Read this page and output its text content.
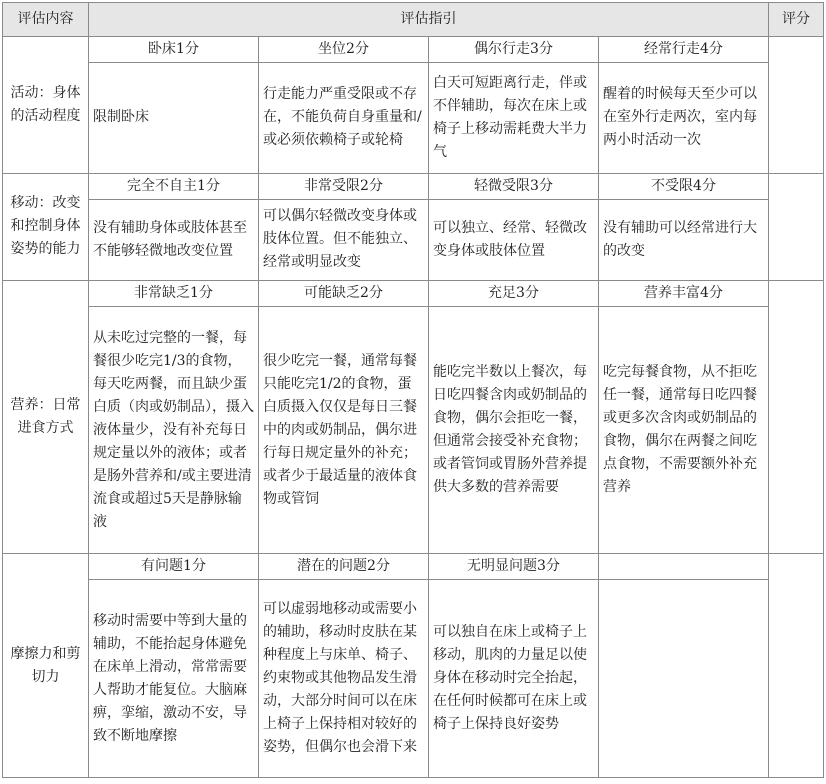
评估内容	评估指引				评分
活动：身体的活动程度	卧床1分	坐位2分	偶尔行走3分	经常行走4分	
	限制卧床	行走能力严重受限或不存在，不能负荷自身重量和/或必须依赖椅子或轮椅	白天可短距离行走，伴或不伴辅助，每次在床上或椅子上移动需耗费大半力气	醒着的时候每天至少可以在室外行走两次，室内每两小时活动一次	
移动：改变和控制身体姿势的能力	完全不自主1分	非常受限2分	轻微受限3分	不受限4分	
	没有辅助身体或肢体甚至不能够轻微地改变位置	可以偶尔轻微改变身体或肢体位置。但不能独立、经常或明显改变	可以独立、经常、轻微改变身体或肢体位置	没有辅助可以经常进行大的改变	
营养：日常进食方式	非常缺乏1分	可能缺乏2分	充足3分	营养丰富4分	
	从未吃过完整的一餐，每餐很少吃完1/3的食物，每天吃两餐，而且缺少蛋白质（肉或奶制品），摄入液体量少，没有补充每日规定量以外的液体；或者是肠外营养和/或主要进清流食或超过5天是静脉输液	很少吃完一餐，通常每餐只能吃完1/2的食物，蛋白质摄入仅仅是每日三餐中的肉或奶制品，偶尔进行每日规定量外的补充；或者少于最适量的液体食物或管饲	能吃完半数以上餐次，每日吃四餐含肉或奶制品的食物，偶尔会拒吃一餐，但通常会接受补充食物；或者管饲或胃肠外营养提供大多数的营养需要	吃完每餐食物，从不拒吃任一餐，通常每日吃四餐或更多次含肉或奶制品的食物，偶尔在两餐之间吃点食物，不需要额外补充营养	
摩擦力和剪切力	有问题1分	潜在的问题2分	无明显问题3分		
	移动时需要中等到大量的辅助，不能抬起身体避免在床单上滑动，常常需要人帮助才能复位。大脑麻痹，挛缩，激动不安，导致不断地摩擦	可以虚弱地移动或需要小的辅助，移动时皮肤在某种程度上与床单、椅子、约束物或其他物品发生滑动，大部分时间可以在床上椅子上保持相对较好的姿势，但偶尔也会滑下来	可以独自在床上或椅子上移动，肌肉的力量足以使身体在移动时完全抬起，在任何时候都可在床上或椅子上保持良好姿势		
